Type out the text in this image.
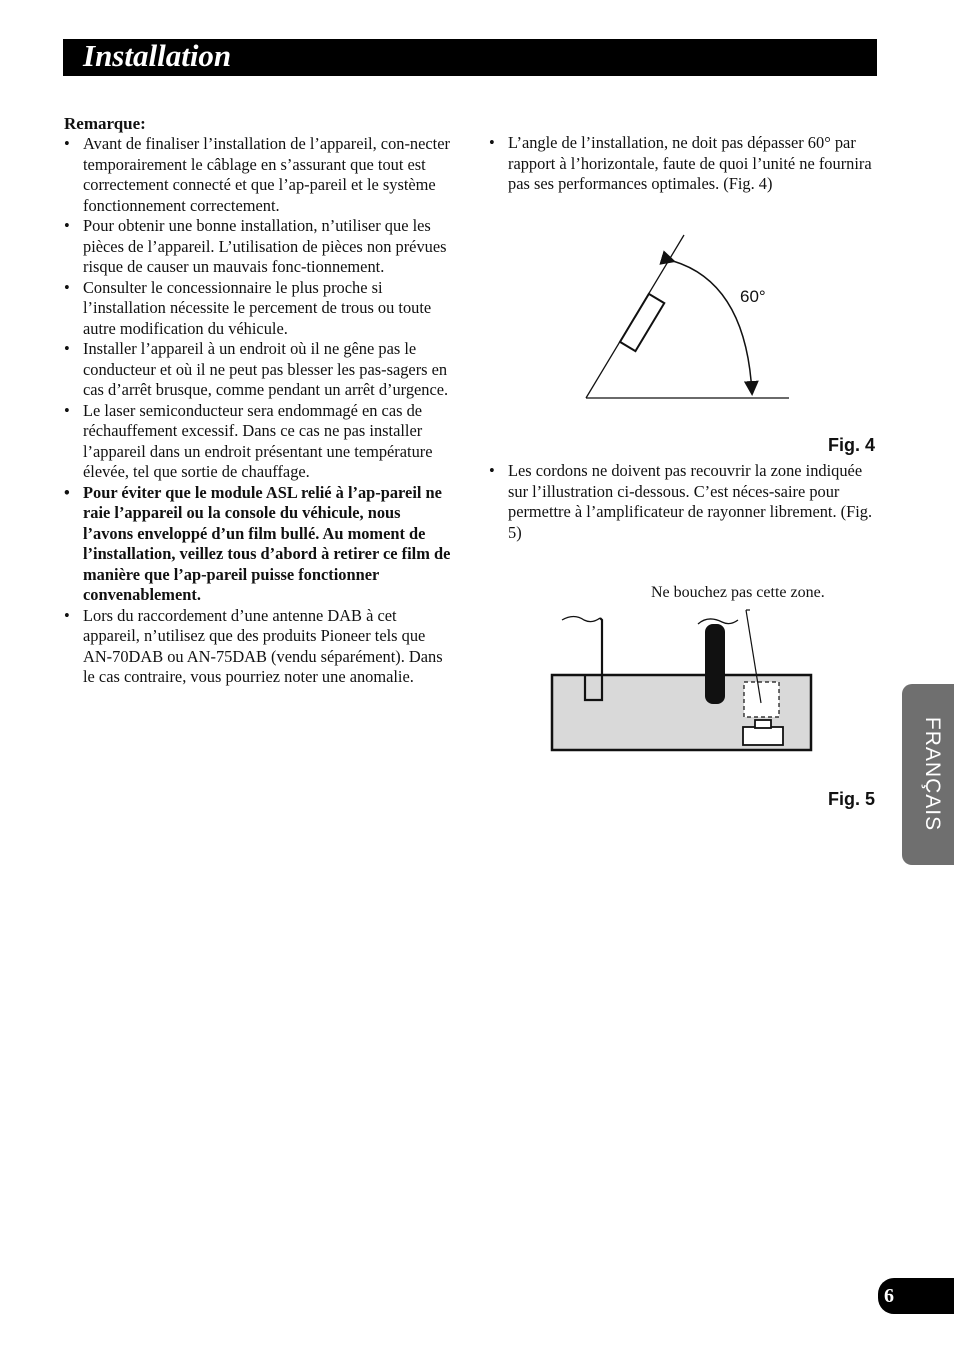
Installation
Remarque:
• Avant de finaliser l’installation de l’appareil, con-necter temporairement le câblage en s’assurant que tout est correctement connecté et que l’ap-pareil et le système fonctionnement correctement.
• Pour obtenir une bonne installation, n’utiliser que les pièces de l’appareil. L’utilisation de pièces non prévues risque de causer un mauvais fonc-tionnement.
• Consulter le concessionnaire le plus proche si l’installation nécessite le percement de trous ou toute autre modification du véhicule.
• Installer l’appareil à un endroit où il ne gêne pas le conducteur et où il ne peut pas blesser les pas-sagers en cas d’arrêt brusque, comme pendant un arrêt d’urgence.
• Le laser semiconducteur sera endommagé en cas de réchauffement excessif. Dans ce cas ne pas installer l’appareil dans un endroit présentant une température élevée, tel que sortie de chauffage.
• Pour éviter que le module ASL relié à l’ap-pareil ne raie l’appareil ou la console du véhicule, nous l’avons enveloppé d’un film bullé. Au moment de l’installation, veillez tous d’abord à retirer ce film de manière que l’ap-pareil puisse fonctionner convenablement.
• Lors du raccordement d’une antenne DAB à cet appareil, n’utilisez que des produits Pioneer tels que AN-70DAB ou AN-75DAB (vendu séparément). Dans le cas contraire, vous pourriez noter une anomalie.
• L’angle de l’installation, ne doit pas dépasser 60° par rapport à l’horizontale, faute de quoi l’unité ne fournira pas ses performances optimales. (Fig. 4)
60°
Fig. 4
• Les cordons ne doivent pas recouvrir la zone indiquée sur l’illustration ci-dessous. C’est néces-saire pour permettre à l’amplificateur de rayonner librement. (Fig. 5)
Ne bouchez pas cette zone.
Fig. 5 FRANÇAIS
6
